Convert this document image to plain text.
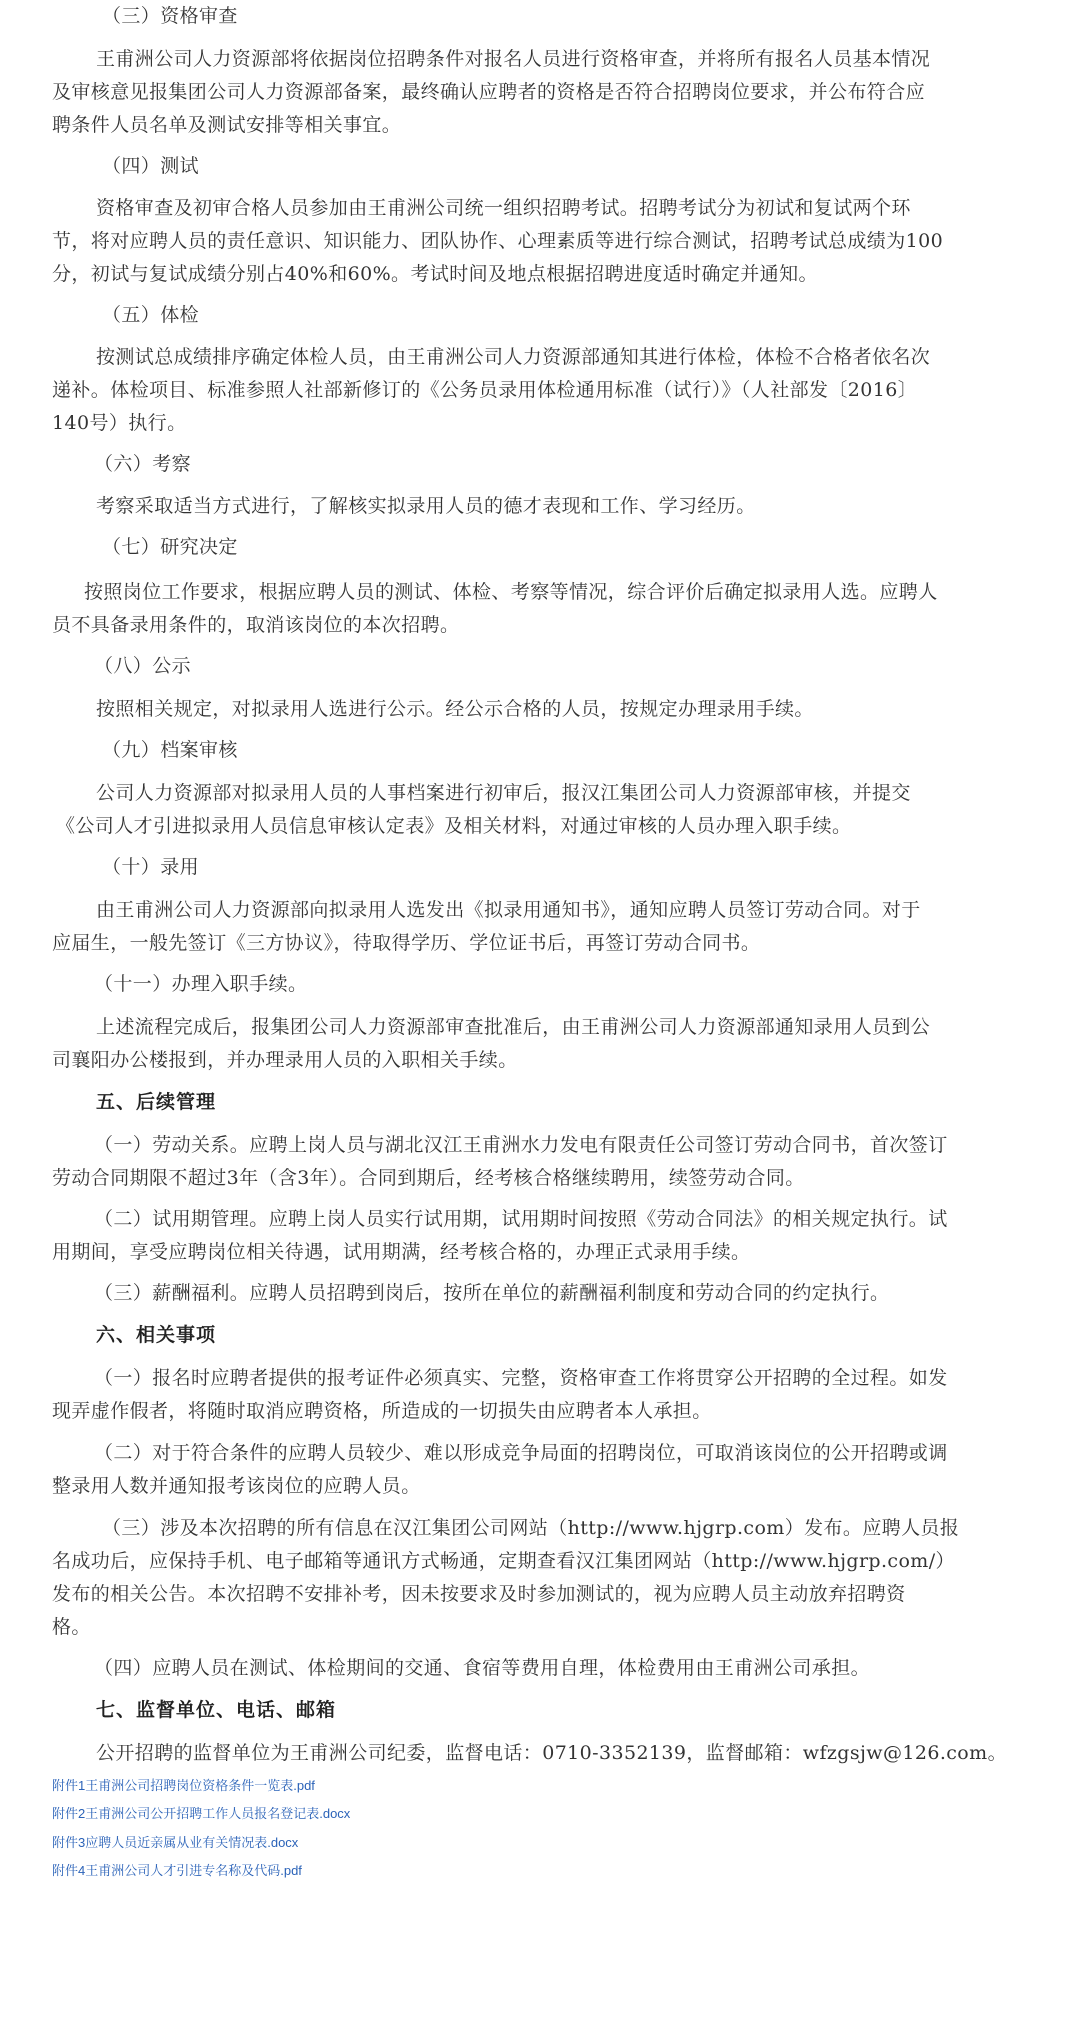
（三）资格审查
王甫洲公司人力资源部将依据岗位招聘条件对报名人员进行资格审查，并将所有报名人员基本情况
及审核意见报集团公司人力资源部备案，最终确认应聘者的资格是否符合招聘岗位要求，并公布符合应
聘条件人员名单及测试安排等相关事宜。
（四）测试
资格审查及初审合格人员参加由王甫洲公司统一组织招聘考试。招聘考试分为初试和复试两个环
节，将对应聘人员的责任意识、知识能力、团队协作、心理素质等进行综合测试，招聘考试总成绩为100
分，初试与复试成绩分别占40%和60%。考试时间及地点根据招聘进度适时确定并通知。
（五）体检
按测试总成绩排序确定体检人员，由王甫洲公司人力资源部通知其进行体检，体检不合格者依名次
递补。体检项目、标准参照人社部新修订的《公务员录用体检通用标准（试行）》（人社部发〔2016〕
140号）执行。
（六）考察
考察采取适当方式进行，了解核实拟录用人员的德才表现和工作、学习经历。
（七）研究决定
按照岗位工作要求，根据应聘人员的测试、体检、考察等情况，综合评价后确定拟录用人选。应聘人
员不具备录用条件的，取消该岗位的本次招聘。
（八）公示
按照相关规定，对拟录用人选进行公示。经公示合格的人员，按规定办理录用手续。
（九）档案审核
公司人力资源部对拟录用人员的人事档案进行初审后，报汉江集团公司人力资源部审核，并提交
《公司人才引进拟录用人员信息审核认定表》及相关材料，对通过审核的人员办理入职手续。
（十）录用
由王甫洲公司人力资源部向拟录用人选发出《拟录用通知书》，通知应聘人员签订劳动合同。对于
应届生，一般先签订《三方协议》，待取得学历、学位证书后，再签订劳动合同书。
（十一）办理入职手续。
上述流程完成后，报集团公司人力资源部审查批准后，由王甫洲公司人力资源部通知录用人员到公
司襄阳办公楼报到，并办理录用人员的入职相关手续。
五、后续管理
（一）劳动关系。应聘上岗人员与湖北汉江王甫洲水力发电有限责任公司签订劳动合同书，首次签订
劳动合同期限不超过3年（含3年）。合同到期后，经考核合格继续聘用，续签劳动合同。
（二）试用期管理。应聘上岗人员实行试用期，试用期时间按照《劳动合同法》的相关规定执行。试
用期间，享受应聘岗位相关待遇，试用期满，经考核合格的，办理正式录用手续。
（三）薪酬福利。应聘人员招聘到岗后，按所在单位的薪酬福利制度和劳动合同的约定执行。
六、相关事项
（一）报名时应聘者提供的报考证件必须真实、完整，资格审查工作将贯穿公开招聘的全过程。如发
现弄虚作假者，将随时取消应聘资格，所造成的一切损失由应聘者本人承担。
（二）对于符合条件的应聘人员较少、难以形成竞争局面的招聘岗位，可取消该岗位的公开招聘或调
整录用人数并通知报考该岗位的应聘人员。
（三）涉及本次招聘的所有信息在汉江集团公司网站（http://www.hjgrp.com）发布。应聘人员报
名成功后，应保持手机、电子邮箱等通讯方式畅通，定期查看汉江集团网站（http://www.hjgrp.com/）
发布的相关公告。本次招聘不安排补考，因未按要求及时参加测试的，视为应聘人员主动放弃招聘资
格。
（四）应聘人员在测试、体检期间的交通、食宿等费用自理，体检费用由王甫洲公司承担。
七、监督单位、电话、邮箱
公开招聘的监督单位为王甫洲公司纪委，监督电话：0710-3352139，监督邮箱：wfzgsjw@126.com。
附件1王甫洲公司招聘岗位资格条件一览表.pdf
附件2王甫洲公司公开招聘工作人员报名登记表.docx
附件3应聘人员近亲属从业有关情况表.docx
附件4王甫洲公司人才引进专名称及代码.pdf
